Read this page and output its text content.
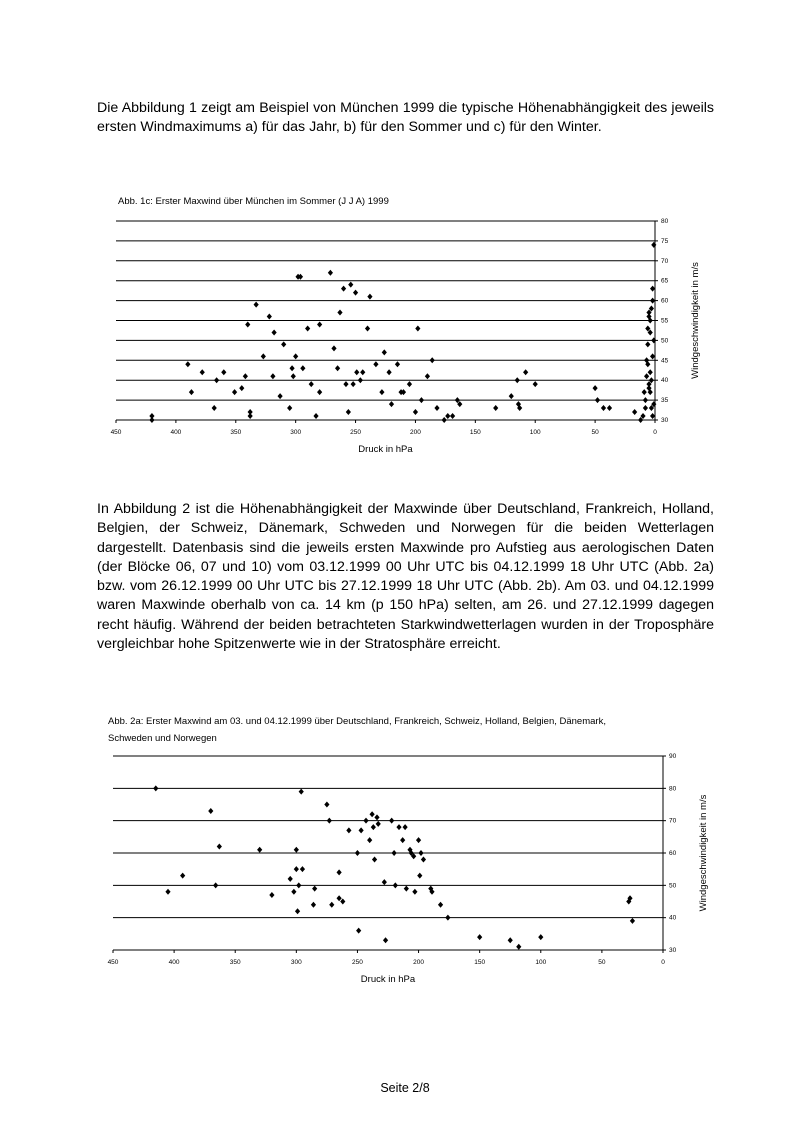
Die Abbildung 1 zeigt am Beispiel von München 1999 die typische Höhenabhängigkeit des jeweils ersten Windmaximums a) für das Jahr, b) für den Sommer und c) für den Winter.
Abb. 1c: Erster Maxwind über München im Sommer (J J A) 1999
30
35
40
45
50
55
60
65
70
75
80
450	400	350	300	250	200	150	100	50	0
Druck in hPa
Windgeschwindigkeit in m/s
In Abbildung 2 ist die Höhenabhängigkeit der Maxwinde über Deutschland, Frankreich, Holland, Belgien, der Schweiz, Dänemark, Schweden und Norwegen für die beiden Wetterlagen dargestellt. Datenbasis sind die jeweils ersten Maxwinde pro Aufstieg aus aerologischen Daten (der Blöcke 06, 07 und 10) vom 03.12.1999 00 Uhr UTC bis 04.12.1999 18 Uhr UTC (Abb. 2a) bzw. vom 26.12.1999 00 Uhr UTC bis 27.12.1999 18 Uhr UTC (Abb. 2b). Am 03. und 04.12.1999 waren Maxwinde oberhalb von ca. 14 km (p 150 hPa) selten, am 26. und 27.12.1999 dagegen recht häufig. Während der beiden betrachteten Starkwindwetterlagen wurden in der Troposphäre vergleichbar hohe Spitzenwerte wie in der Stratosphäre erreicht.
Abb. 2a: Erster Maxwind am 03. und 04.12.1999 über Deutschland, Frankreich, Schweiz, Holland, Belgien, Dänemark, Schweden und Norwegen
30
40
50
60
70
80
90
450	400	350	300	250	200	150	100	50	0
Druck in hPa
Windgeschwindigkeit in m/s
Seite 2/8
